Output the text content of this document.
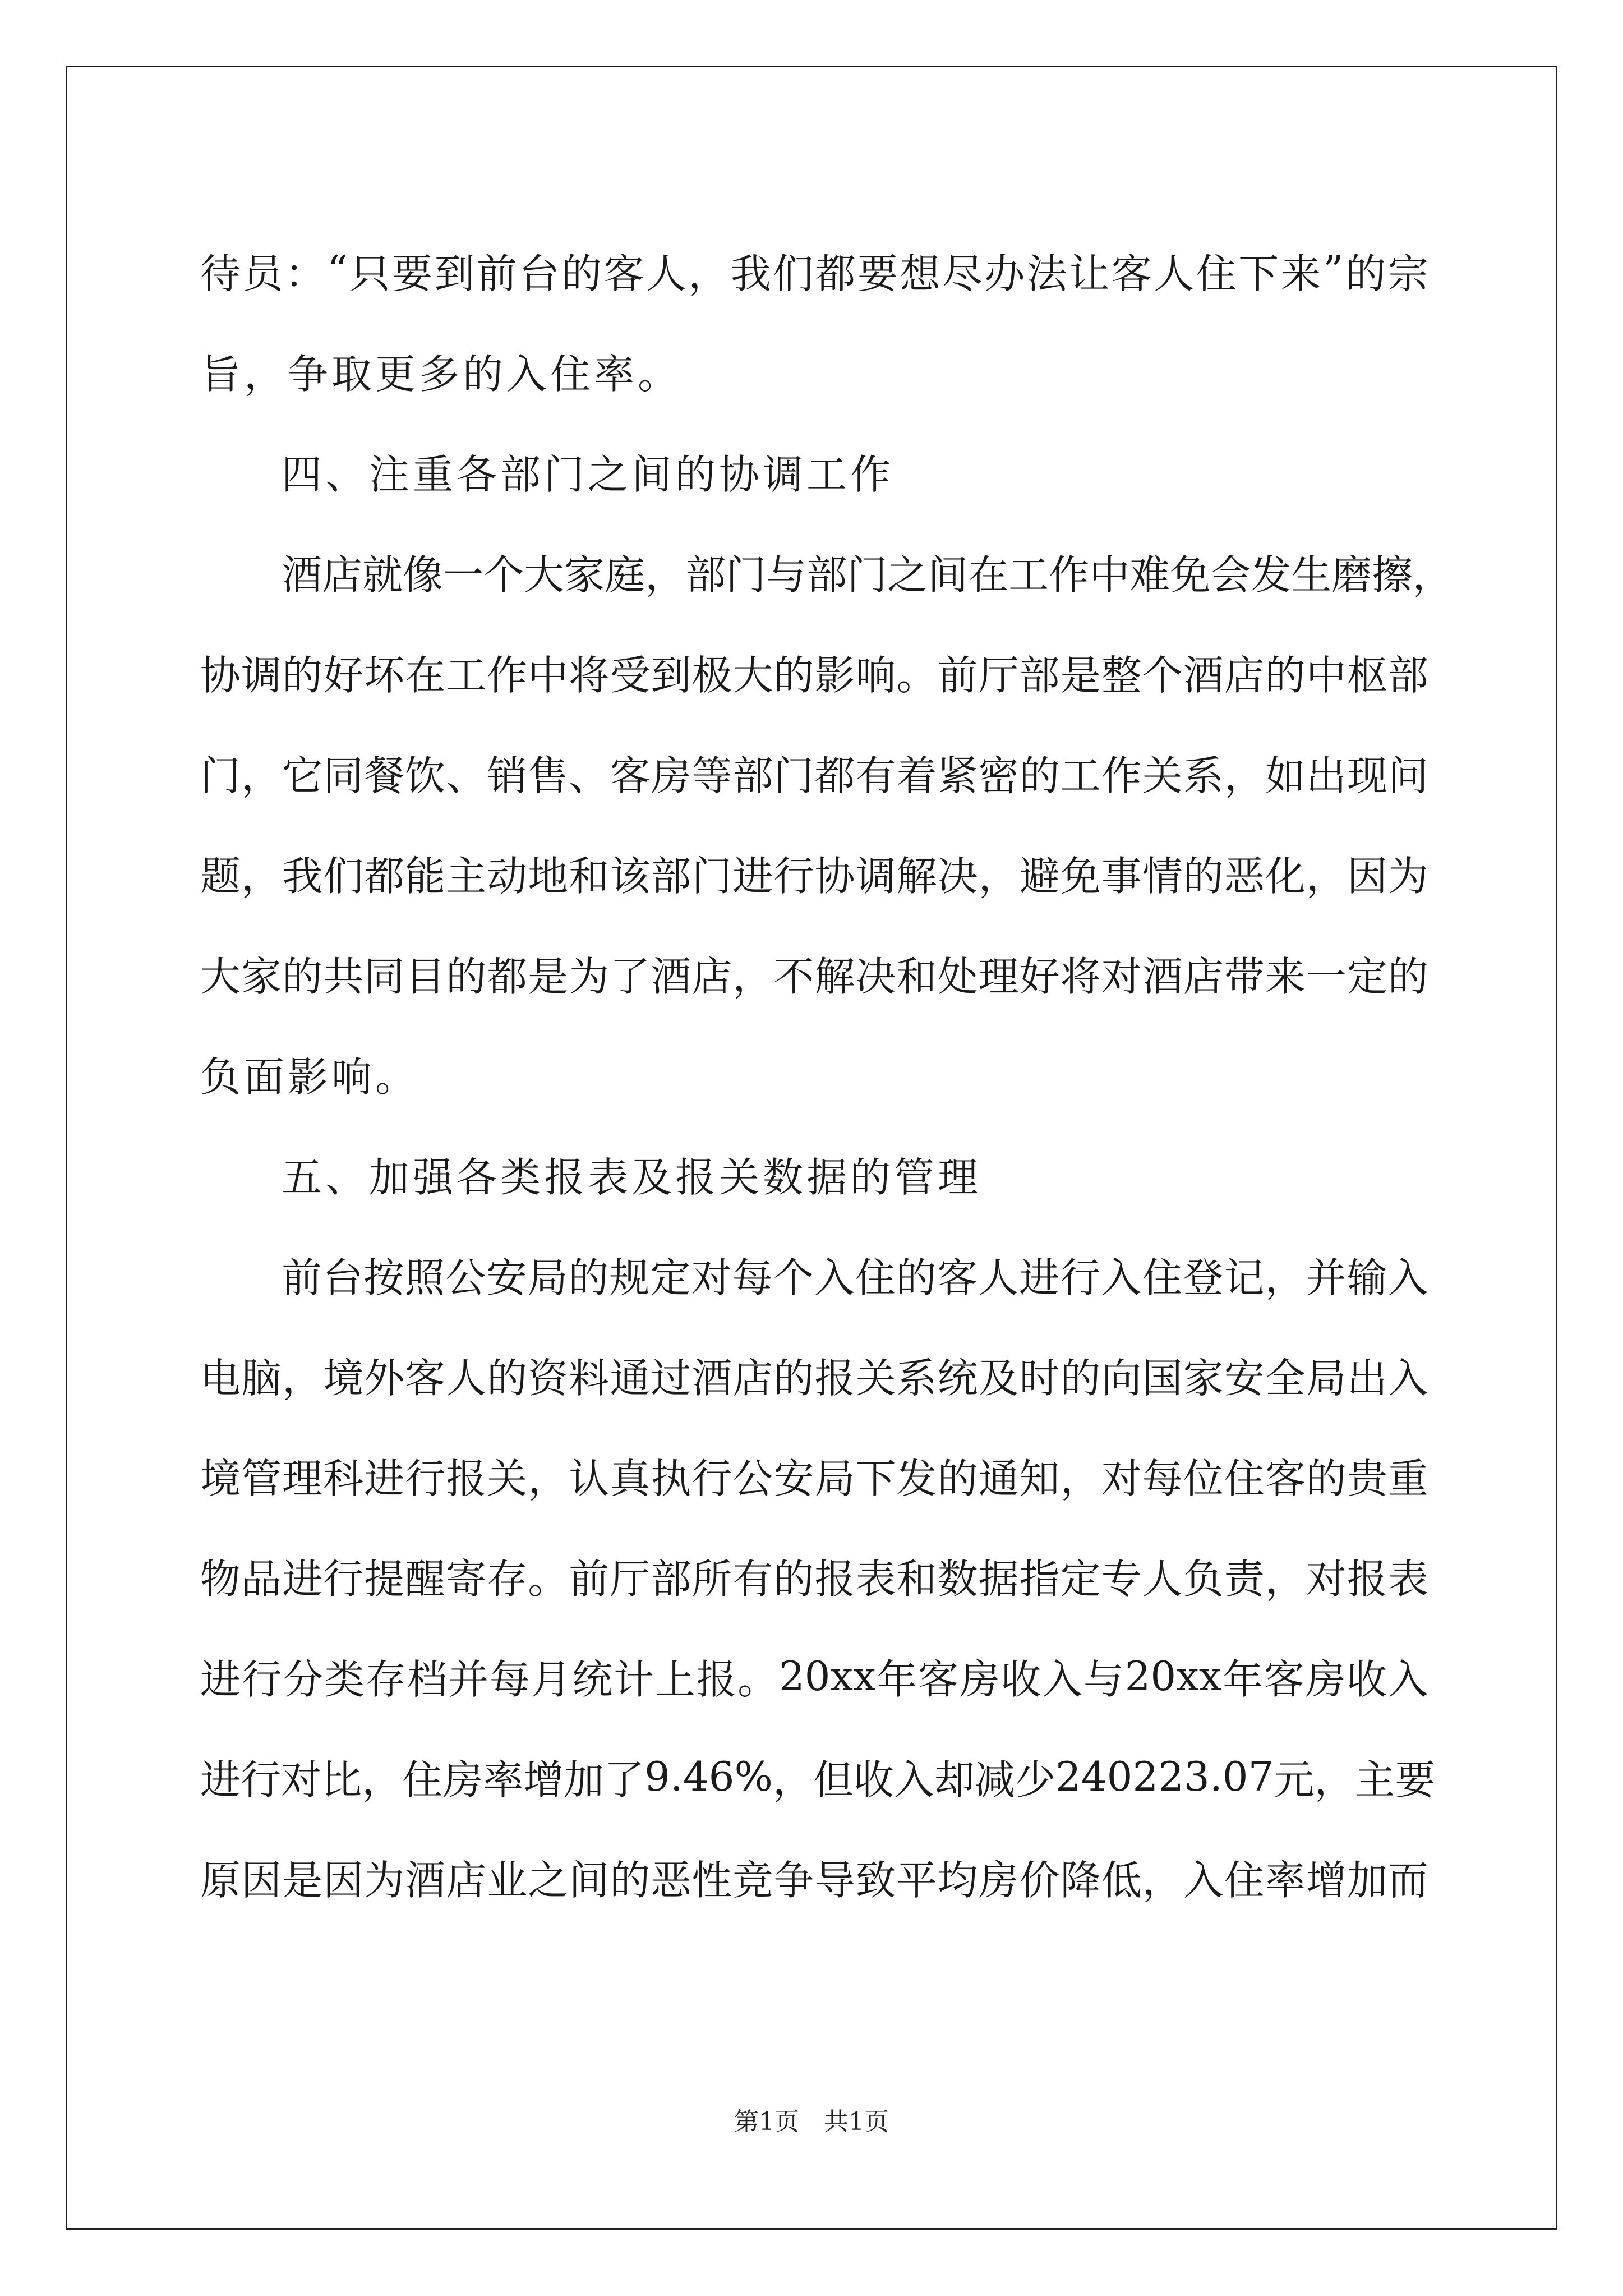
待 员 ： “ 只 要 到 前 台 的 客 人 ， 我 们 都 要 想 尽 办 法 让 客 人 住 下 来 ” 的 宗
旨，争取更多的入住率。
四、注重各部门之间的协调工作
酒 店 就 像 一 个 大 家 庭 ， 部 门 与 部 门 之 间 在 工 作 中 难 免 会 发 生 磨 擦 ，
协 调 的 好 坏 在 工 作 中 将 受 到 极 大 的 影 响 。 前 厅 部 是 整 个 酒 店 的 中 枢 部
门 ， 它 同 餐 饮 、 销 售 、 客 房 等 部 门 都 有 着 紧 密 的 工 作 关 系 ， 如 出 现 问
题 ， 我 们 都 能 主 动 地 和 该 部 门 进 行 协 调 解 决 ， 避 免 事 情 的 恶 化 ， 因 为
大 家 的 共 同 目 的 都 是 为 了 酒 店 ， 不 解 决 和 处 理 好 将 对 酒 店 带 来 一 定 的
负面影响。
五、加强各类报表及报关数据的管理
前 台 按 照 公 安 局 的 规 定 对 每 个 入 住 的 客 人 进 行 入 住 登 记 ， 并 输 入
电 脑 ， 境 外 客 人 的 资 料 通 过 酒 店 的 报 关 系 统 及 时 的 向 国 家 安 全 局 出 入
境 管 理 科 进 行 报 关 ， 认 真 执 行 公 安 局 下 发 的 通 知 ， 对 每 位 住 客 的 贵 重
物 品 进 行 提 醒 寄 存 。 前 厅 部 所 有 的 报 表 和 数 据 指 定 专 人 负 责 ， 对 报 表
进 行 分 类 存 档 并 每 月 统 计 上 报 。 20xx 年 客 房 收 入 与 20xx 年 客 房 收 入
进 行 对 比 ， 住 房 率 增 加 了 9.46% ， 但 收 入 却 减 少 240223.07 元 ， 主 要
原 因 是 因 为 酒 店 业 之 间 的 恶 性 竞 争 导 致 平 均 房 价 降 低 ， 入 住 率 增 加 而
第1页　共1页
